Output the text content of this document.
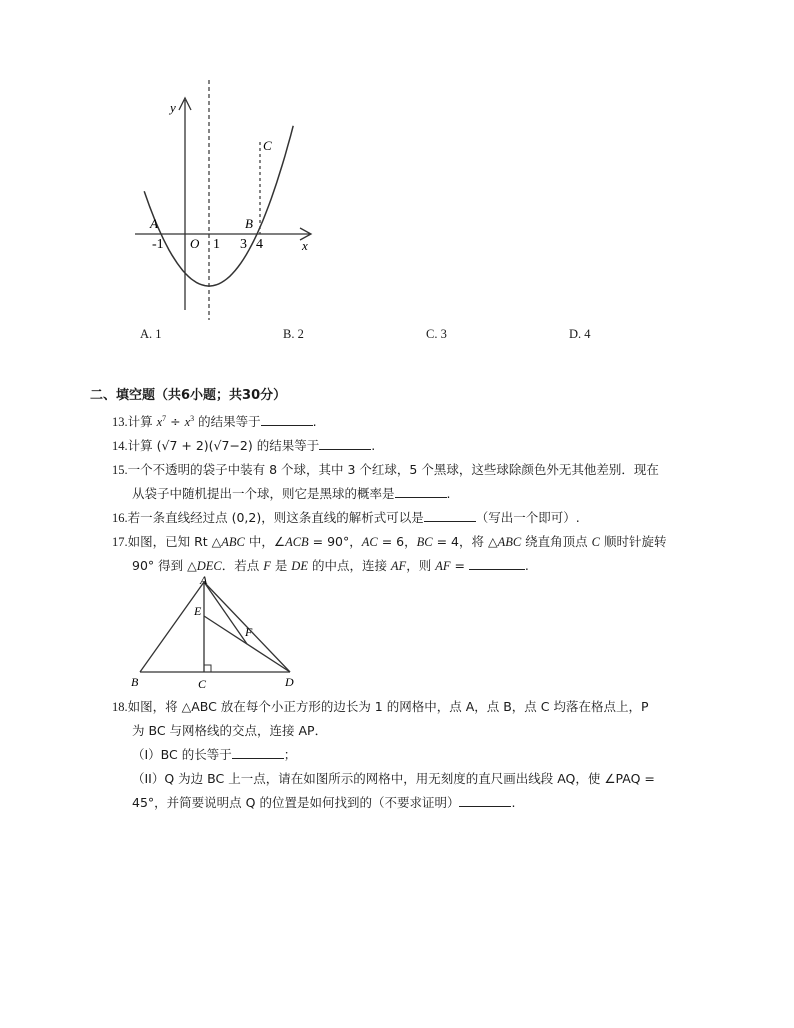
y
x
A	B
C
O
-1	1 3 4
A. 1	B. 2	C. 3	D. 4
二、填空题（共6小题；共30分）
13.计算 $x^7 \div x^3$ 的结果等于	.
14.计算 (√7 + 2)(√7−2) 的结果等于	.
15.一个不透明的袋子中装有 8 个球，其中 3 个红球，5 个黑球，这些球除颜色外无其他差别．现在
从袋子中随机提出一个球，则它是黑球的概率是	.
16.若一条直线经过点 (0,2)，则这条直线的解析式可以是	（写出一个即可）.
17.如图，已知 Rt △ABC 中，∠ACB = 90°，AC = 6，BC = 4，将 △ABC 绕直角顶点 C 顺时针旋转
90° 得到 △DEC．若点 F 是 DE 的中点，连接 AF，则 AF =	.
A
E
F
B	C	D
18.如图，将 △ABC 放在每个小正方形的边长为 1 的网格中，点 A，点 B，点 C 均落在格点上，P
为 BC 与网格线的交点，连接 AP．
（I）BC 的长等于	；
（II）Q 为边 BC 上一点，请在如图所示的网格中，用无刻度的直尺画出线段 AQ，使 ∠PAQ =
45°，并简要说明点 Q 的位置是如何找到的（不要求证明）	.
